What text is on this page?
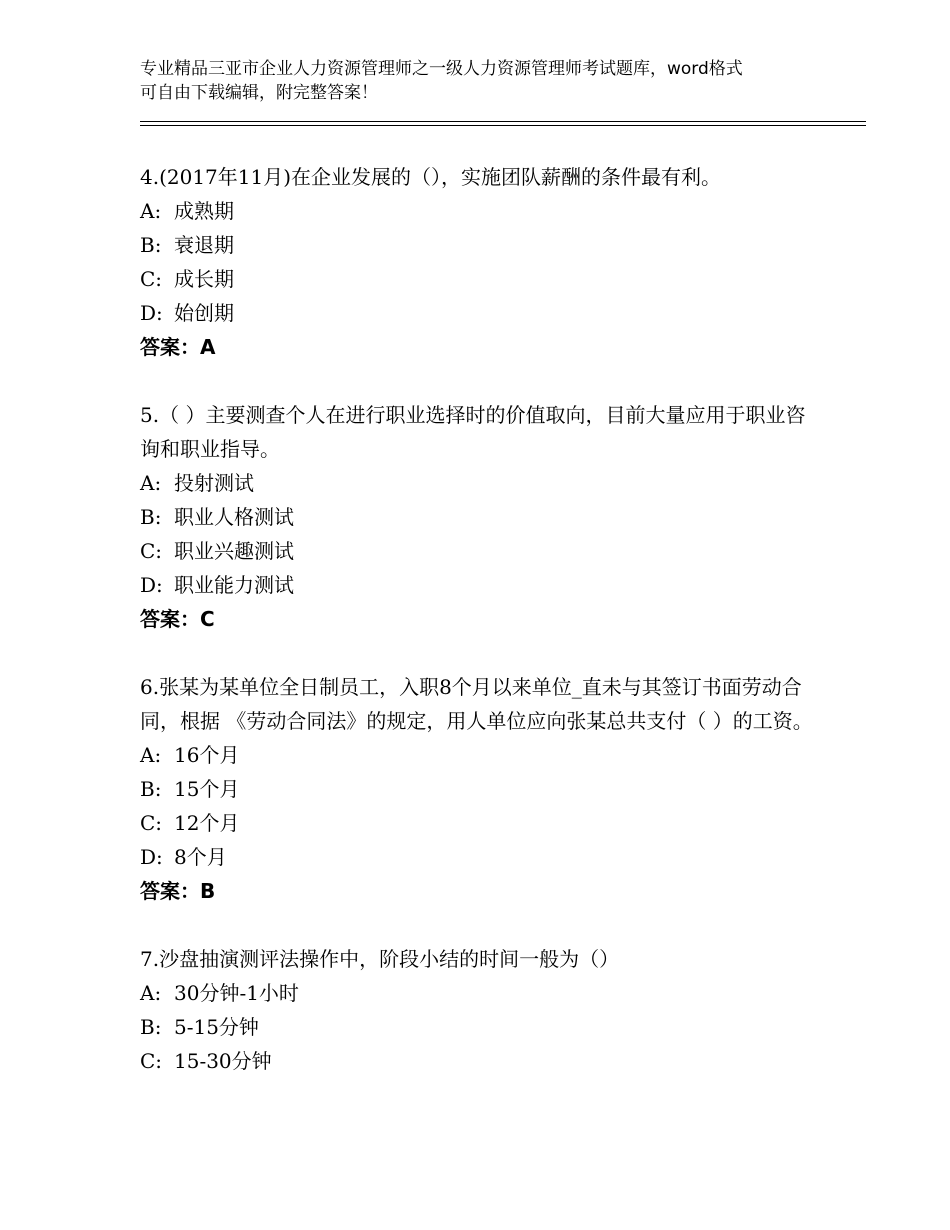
专业精品三亚市企业人力资源管理师之一级人力资源管理师考试题库，word格式
可自由下载编辑，附完整答案！
4.(2017年11月)在企业发展的（），实施团队薪酬的条件最有利。
A: 成熟期
B: 衰退期
C: 成长期
D: 始创期
答案：A
5.（ ）主要测查个人在进行职业选择时的价值取向，目前大量应用于职业咨询和职业指导。
A: 投射测试
B: 职业人格测试
C: 职业兴趣测试
D: 职业能力测试
答案：C
6.张某为某单位全日制员工，入职8个月以来单位_直未与其签订书面劳动合同，根据 《劳动合同法》的规定，用人单位应向张某总共支付（ ）的工资。
A: 16个月
B: 15个月
C: 12个月
D: 8个月
答案：B
7.沙盘抽演测评法操作中，阶段小结的时间一般为（）
A: 30分钟-1小时
B: 5-15分钟
C: 15-30分钟
